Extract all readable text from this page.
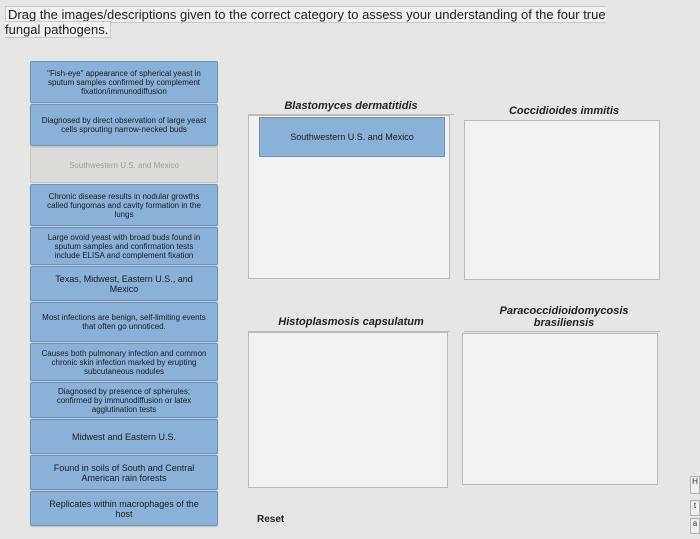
Drag the images/descriptions given to the correct category to assess your understanding of the four true fungal pathogens.
"Fish-eye" appearance of spherical yeast in sputum samples confirmed by complement fixation/immunodiffusion
Diagnosed by direct observation of large yeast cells sprouting narrow-necked buds
Southwestern U.S. and Mexico
Chronic disease results in nodular growths called fungomas and cavity formation in the lungs
Large ovoid yeast with broad buds found in sputum samples and confirmation tests include ELISA and complement fixation
Texas, Midwest, Eastern U.S., and Mexico
Most infections are benign, self-limiting events that often go unnoticed.
Causes both pulmonary infection and common chronic skin infection marked by erupting subcutaneous nodules
Diagnosed by presence of spherules; confirmed by immunodiffusion or latex agglutination tests
Midwest and Eastern U.S.
Found in soils of South and Central American rain forests
Replicates within macrophages of the host
Blastomyces dermatitidis	Coccidioides immitis
Southwestern U.S. and Mexico
Histoplasmosis capsulatum
Paracoccidioidomycosis brasiliensis
Reset
H
t
a
